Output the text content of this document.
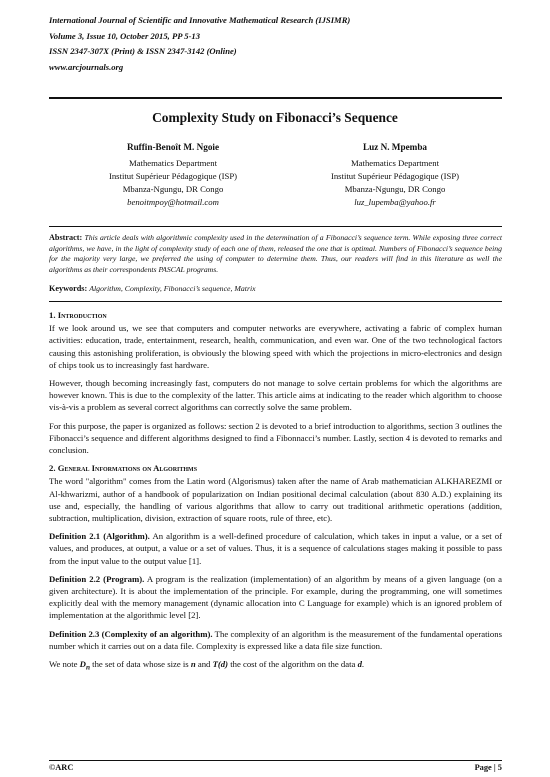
International Journal of Scientific and Innovative Mathematical Research (IJSIMR)
Volume 3, Issue 10, October 2015, PP 5-13
ISSN 2347-307X (Print) & ISSN 2347-3142 (Online)
www.arcjournals.org
Complexity Study on Fibonacci’s Sequence
Ruffin-Benoît M. Ngoie
Mathematics Department
Institut Supérieur Pédagogique (ISP)
Mbanza-Ngungu, DR Congo
benoitmpoy@hotmail.com
Luz N. Mpemba
Mathematics Department
Institut Supérieur Pédagogique (ISP)
Mbanza-Ngungu, DR Congo
luz_lupemba@yahoo.fr
Abstract: This article deals with algorithmic complexity used in the determination of a Fibonacci’s sequence term. While exposing three correct algorithms, we have, in the light of complexity study of each one of them, released the one that is optimal. Numbers of Fibonacci’s sequence being for the majority very large, we preferred the using of computer to determine them. Thus, our readers will find in this literature as well the algorithms as their correspondents PASCAL programs.
Keywords: Algorithm, Complexity, Fibonacci’s sequence, Matrix
1. Introduction

If we look around us, we see that computers and computer networks are everywhere, activating a fabric of complex human activities: education, trade, entertainment, research, health, communication, and even war. One of the two technological factors causing this astonishing proliferation, is obviously the blowing speed with which the projections in micro-electronics and design of chips took us to increasingly fast hardware.

However, though becoming increasingly fast, computers do not manage to solve certain problems for which the algorithms are however known. This is due to the complexity of the latter. This article aims at indicating to the reader which algorithm to choose vis-à-vis a problem as several correct algorithms can correctly solve the same problem.

For this purpose, the paper is organized as follows: section 2 is devoted to a brief introduction to algorithms, section 3 outlines the Fibonacci’s sequence and different algorithms designed to find a Fibonnacci’s number. Lastly, section 4 is devoted to remarks and conclusion.

2. General Informations on Algorithms

The word "algorithm" comes from the Latin word (Algorismus) taken after the name of Arab mathematician ALKHAREZMI or Al-khwarizmi, author of a handbook of popularization on Indian positional decimal calculation (about 830 A.D.) explaining its use and, especially, the handling of various algorithms that allow to carry out traditional arithmetic operations (addition, subtraction, multiplication, division, extraction of square roots, rule of three, etc).

Definition 2.1 (Algorithm). An algorithm is a well-defined procedure of calculation, which takes in input a value, or a set of values, and produces, at output, a value or a set of values. Thus, it is a sequence of calculations stages making it possible to pass from the input value to the output value [1].

Definition 2.2 (Program). A program is the realization (implementation) of an algorithm by means of a given language (on a given architecture). It is about the implementation of the principle. For example, during the programming, one will sometimes explicitly deal with the memory management (dynamic allocation into C Language for example) which is an ignored problem of implementation at the algorithmic level [2].

Definition 2.3 (Complexity of an algorithm). The complexity of an algorithm is the measurement of the fundamental operations number which it carries out on a data file. Complexity is expressed like a data file size function.

We note $D_n$ the set of data whose size is n and T(d) the cost of the algorithm on the data d.

©ARC	Page | 5
